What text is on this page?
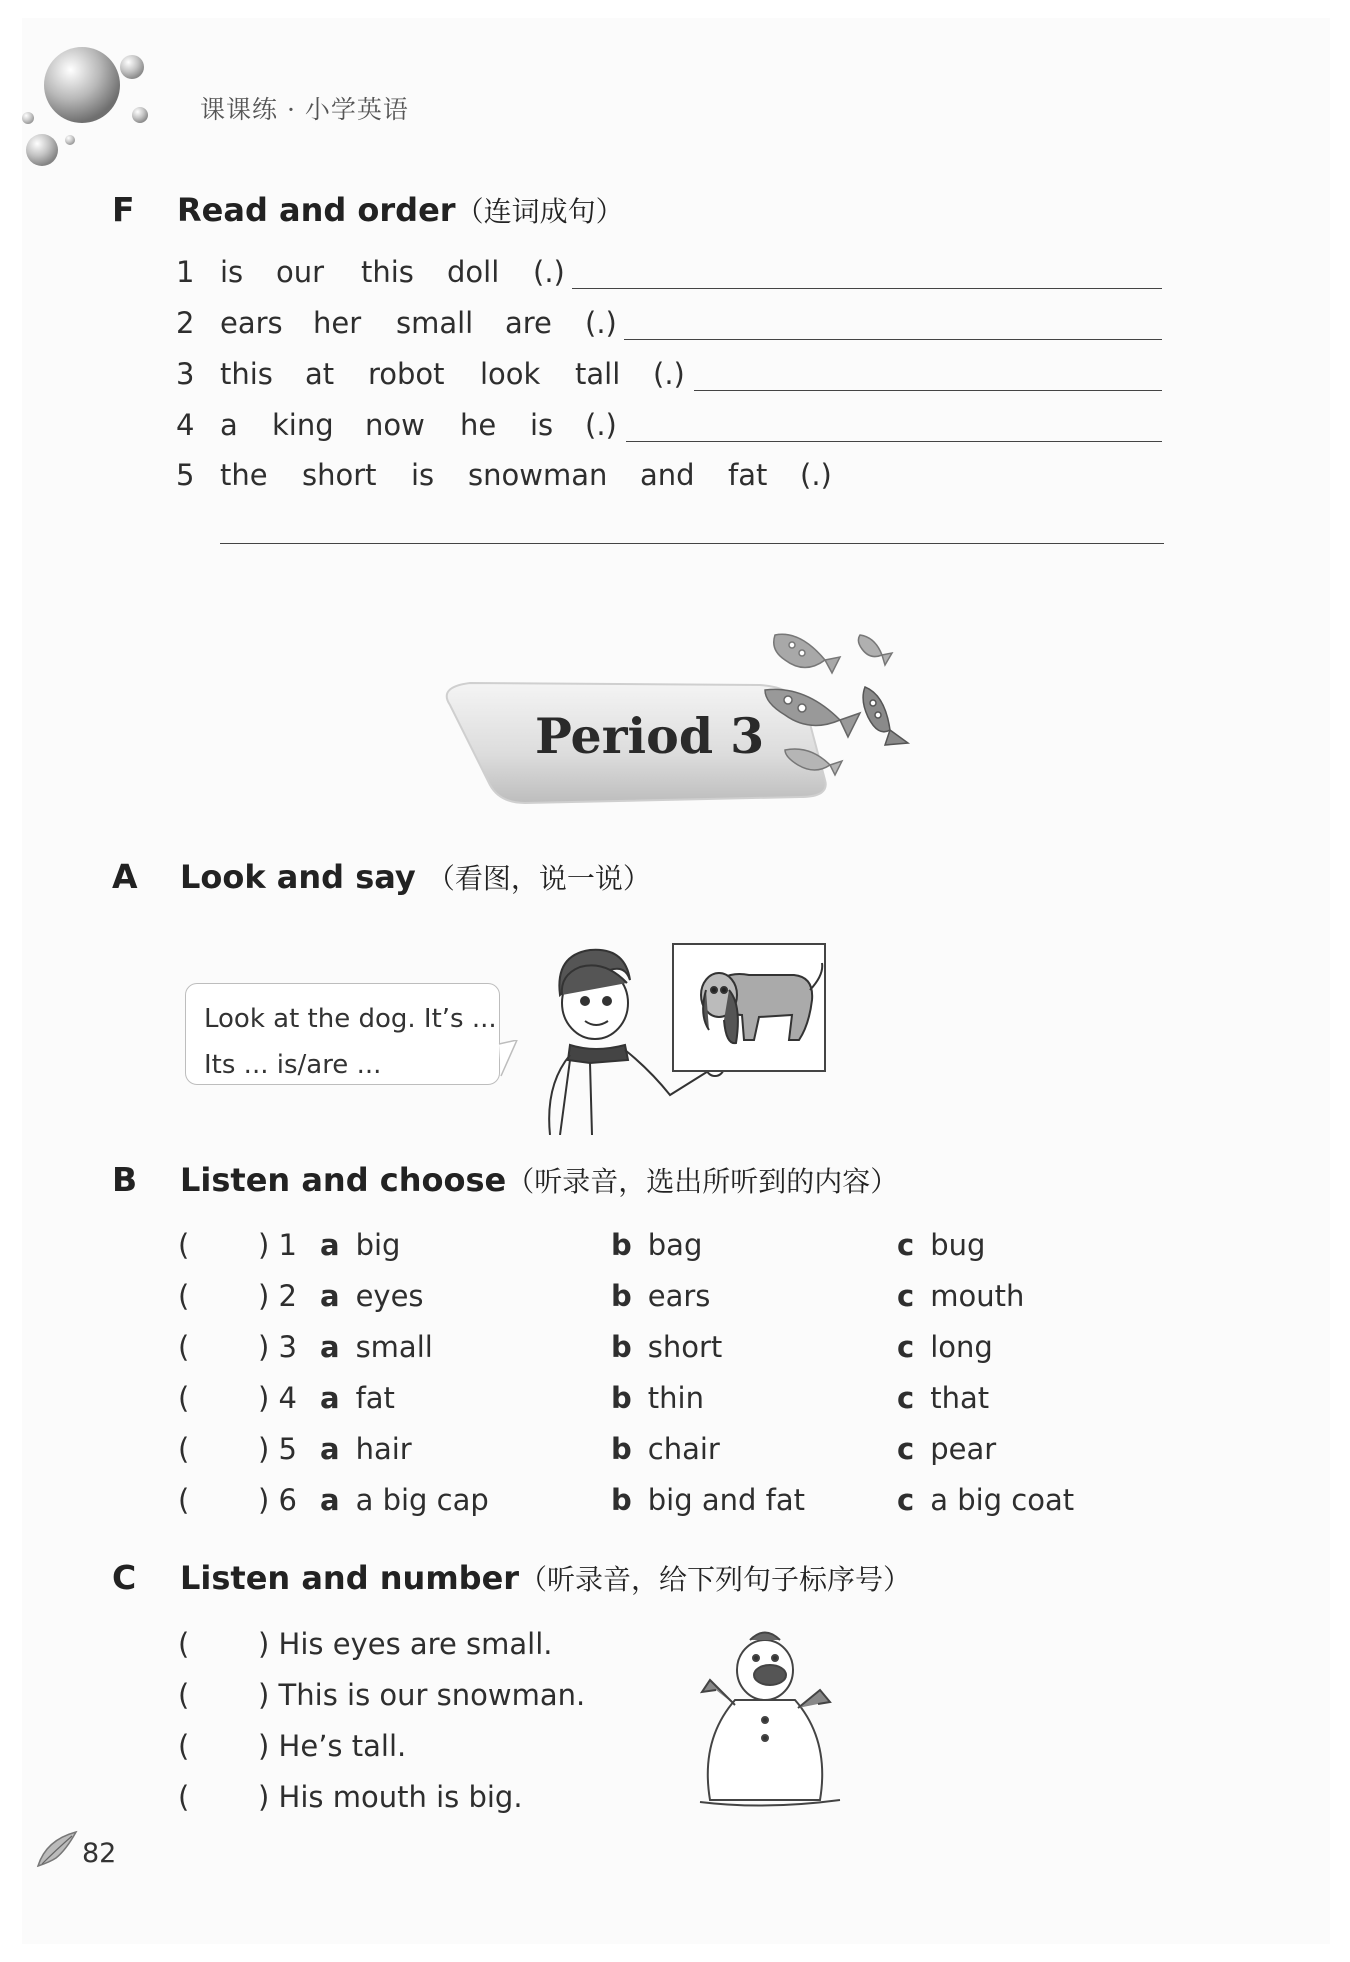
课课练 · 小学英语
F Read and order（连词成句）
1 is our this doll (.)
2 ears her small are (.)
3 this at robot look tall (.)
4 a king now he is (.)
5 the short is snowman and fat (.)
Period 3
A Look and say （看图，说一说）
Look at the dog. It’s ...
Its ... is/are ...
B Listen and choose（听录音，选出所听到的内容）
( ) 1 a big	b bag	c bug
( ) 2 a eyes	b ears	c mouth
( ) 3 a small	b short	c long
( ) 4 a fat	b thin	c that
( ) 5 a hair	b chair	c pear
( ) 6 a a big cap	b big and fat	c a big coat
C Listen and number（听录音，给下列句子标序号）
( ) His eyes are small.
( ) This is our snowman.
( ) He’s tall.
( ) His mouth is big.
82
